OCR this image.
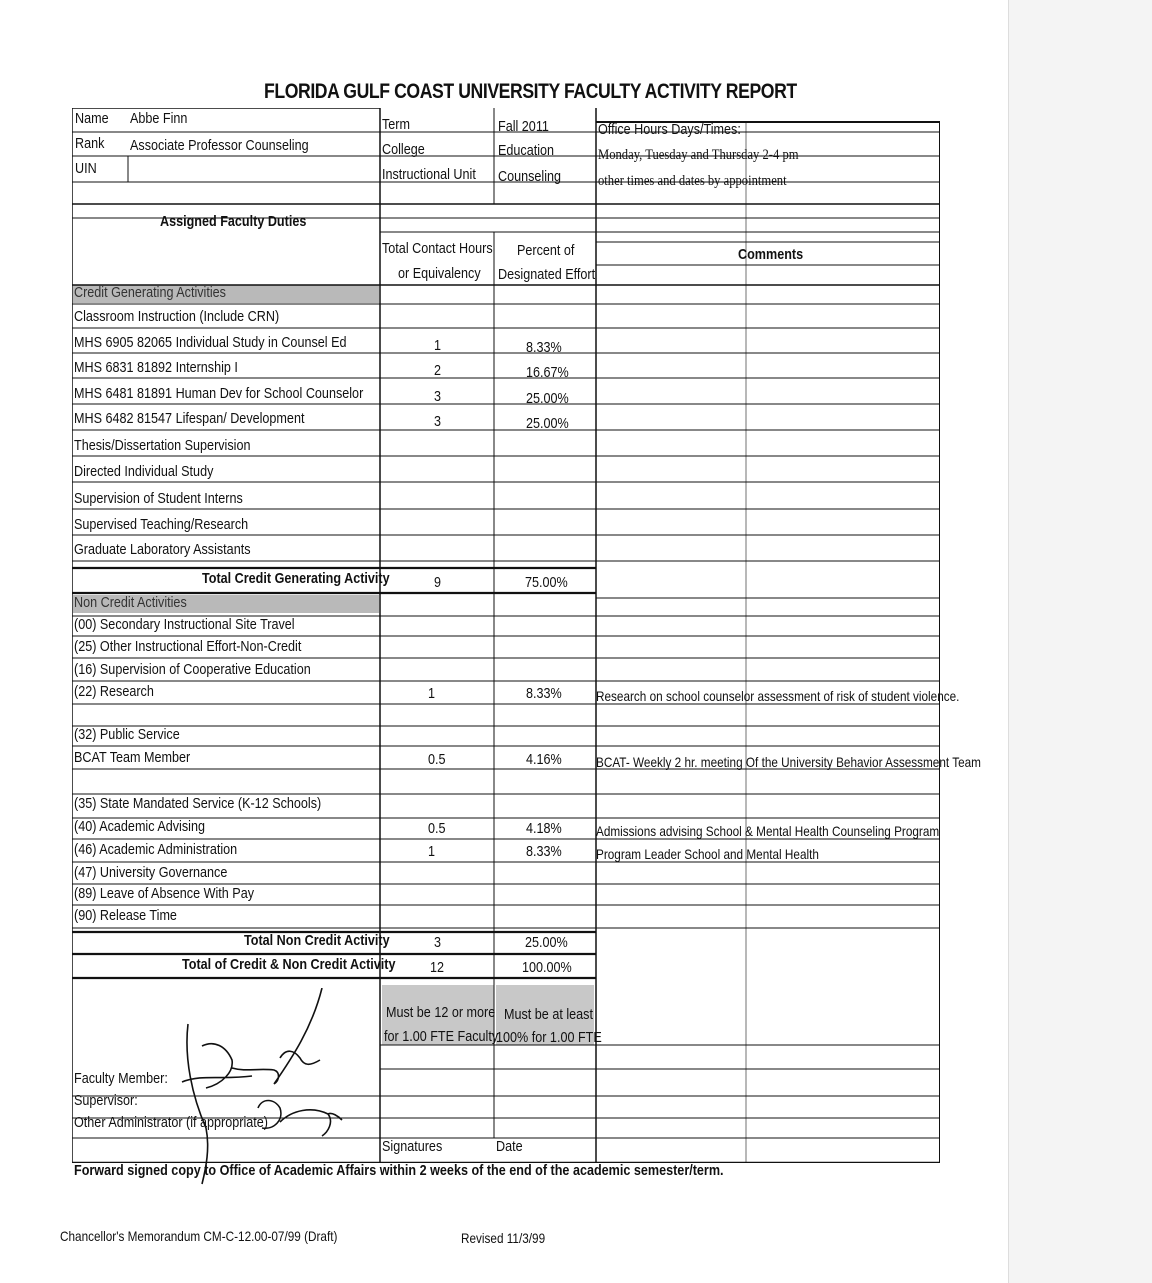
FLORIDA GULF COAST UNIVERSITY FACULTY ACTIVITY REPORT
Name Abbe Finn
Rank Associate Professor Counseling
UIN
Term	Fall 2011
College	Education
Instructional Unit Counseling
Office Hours Days/Times:
Monday, Tuesday and Thursday 2-4 pm
other times and dates by appointment
Assigned Faculty Duties
Total Contact Hours
or Equivalency
Percent of
Designated Effort
Comments
Credit Generating Activities
Classroom Instruction (Include CRN)
MHS 6905 82065 Individual Study in Counsel Ed	1	8.33%
MHS 6831 81892 Internship I	2	16.67%
MHS 6481 81891 Human Dev for School Counselor	3	25.00%
MHS 6482 81547 Lifespan/ Development	3	25.00%
Thesis/Dissertation Supervision
Directed Individual Study
Supervision of Student Interns
Supervised Teaching/Research
Graduate Laboratory Assistants
Total Credit Generating Activity	9	75.00%
Non Credit Activities
(00) Secondary Instructional Site Travel
(25) Other Instructional Effort-Non-Credit
(16) Supervision of Cooperative Education
(22) Research	1	8.33% Research on school counselor assessment of risk of student violence.
(32) Public Service
BCAT Team Member	0.5	4.16% BCAT- Weekly 2 hr. meeting Of the University Behavior Assessment Team
(35) State Mandated Service (K-12 Schools)
(40) Academic Advising	0.5	4.18% Admissions advising School & Mental Health Counseling Program
(46) Academic Administration	1	8.33% Program Leader School and Mental Health
(47) University Governance
(89) Leave of Absence With Pay
(90) Release Time
Total Non Credit Activity	3	25.00%
Total of Credit & Non Credit Activity 12	100.00%
Must be 12 or more
for 1.00 FTE Faculty
Must be at least
100% for 1.00 FTE
Faculty Member:
Supervisor:
Other Administrator (if appropriate)
Signatures	Date
Forward signed copy to Office of Academic Affairs within 2 weeks of the end of the academic semester/term.
Chancellor's Memorandum CM-C-12.00-07/99 (Draft)	Revised 11/3/99
